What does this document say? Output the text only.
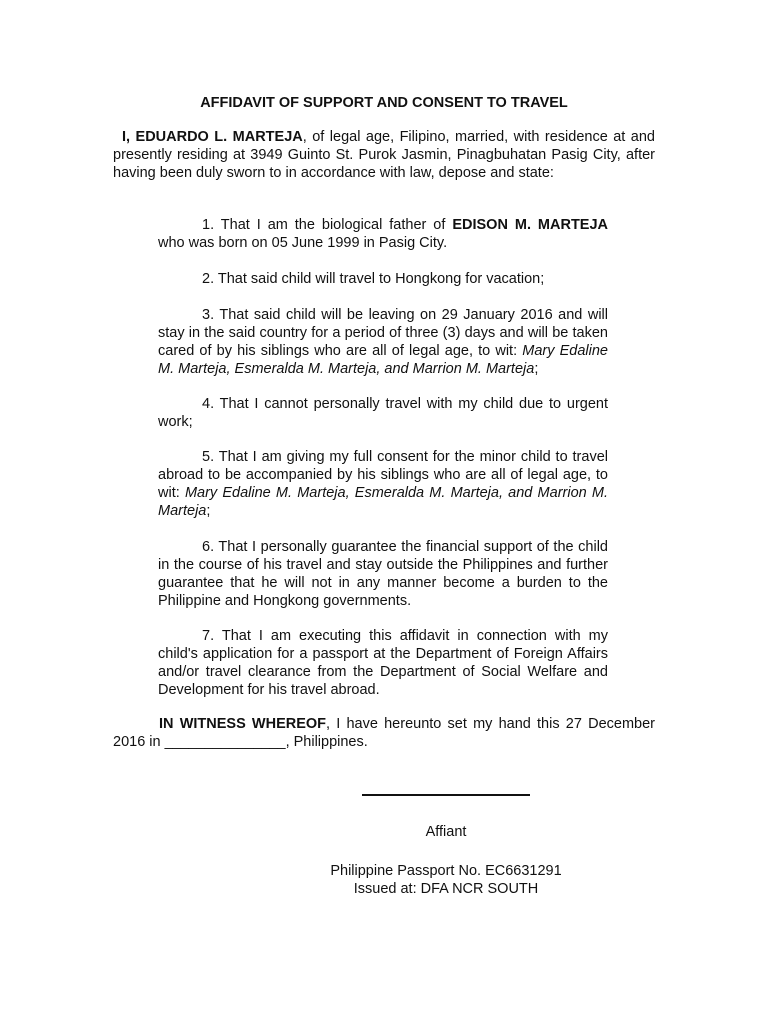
AFFIDAVIT OF SUPPORT AND CONSENT TO TRAVEL
I, EDUARDO L. MARTEJA, of legal age, Filipino, married, with residence at and presently residing at 3949 Guinto St. Purok Jasmin, Pinagbuhatan Pasig City, after having been duly sworn to in accordance with law, depose and state:
1. That I am the biological father of EDISON M. MARTEJA who was born on 05 June 1999 in Pasig City.
2. That said child will travel to Hongkong for vacation;
3. That said child will be leaving on 29 January 2016 and will stay in the said country for a period of three (3) days and will be taken cared of by his siblings who are all of legal age, to wit: Mary Edaline M. Marteja, Esmeralda M. Marteja, and Marrion M. Marteja;
4. That I cannot personally travel with my child due to urgent work;
5. That I am giving my full consent for the minor child to travel abroad to be accompanied by his siblings who are all of legal age, to wit: Mary Edaline M. Marteja, Esmeralda M. Marteja, and Marrion M. Marteja;
6. That I personally guarantee the financial support of the child in the course of his travel and stay outside the Philippines and further guarantee that he will not in any manner become a burden to the Philippine and Hongkong governments.
7. That I am executing this affidavit in connection with my child's application for a passport at the Department of Foreign Affairs and/or travel clearance from the Department of Social Welfare and Development for his travel abroad.
IN WITNESS WHEREOF, I have hereunto set my hand this 27 December 2016 in _______________, Philippines.
Affiant
Philippine Passport No. EC6631291
Issued at: DFA NCR SOUTH
